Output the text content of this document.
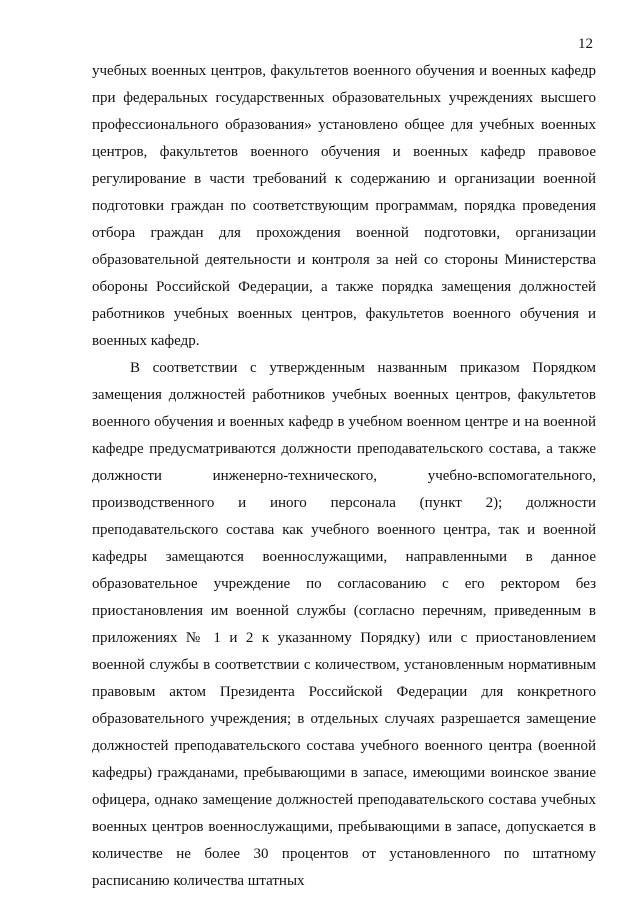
12

учебных военных центров, факультетов военного обучения и военных кафедр при федеральных государственных образовательных учреждениях высшего профессионального образования» установлено общее для учебных военных центров, факультетов военного обучения и военных кафедр правовое регулирование в части требований к содержанию и организации военной подготовки граждан по соответствующим программам, порядка проведения отбора граждан для прохождения военной подготовки, организации образовательной деятельности и контроля за ней со стороны Министерства обороны Российской Федерации, а также порядка замещения должностей работников учебных военных центров, факультетов военного обучения и военных кафедр.

В соответствии с утвержденным названным приказом Порядком замещения должностей работников учебных военных центров, факультетов военного обучения и военных кафедр в учебном военном центре и на военной кафедре предусматриваются должности преподавательского состава, а также должности инженерно-технического, учебно-вспомогательного, производственного и иного персонала (пункт 2); должности преподавательского состава как учебного военного центра, так и военной кафедры замещаются военнослужащими, направленными в данное образовательное учреждение по согласованию с его ректором без приостановления им военной службы (согласно перечням, приведенным в приложениях № 1 и 2 к указанному Порядку) или с приостановлением военной службы в соответствии с количеством, установленным нормативным правовым актом Президента Российской Федерации для конкретного образовательного учреждения; в отдельных случаях разрешается замещение должностей преподавательского состава учебного военного центра (военной кафедры) гражданами, пребывающими в запасе, имеющими воинское звание офицера, однако замещение должностей преподавательского состава учебных военных центров военнослужащими, пребывающими в запасе, допускается в количестве не более 30 процентов от установленного по штатному расписанию количества штатных
